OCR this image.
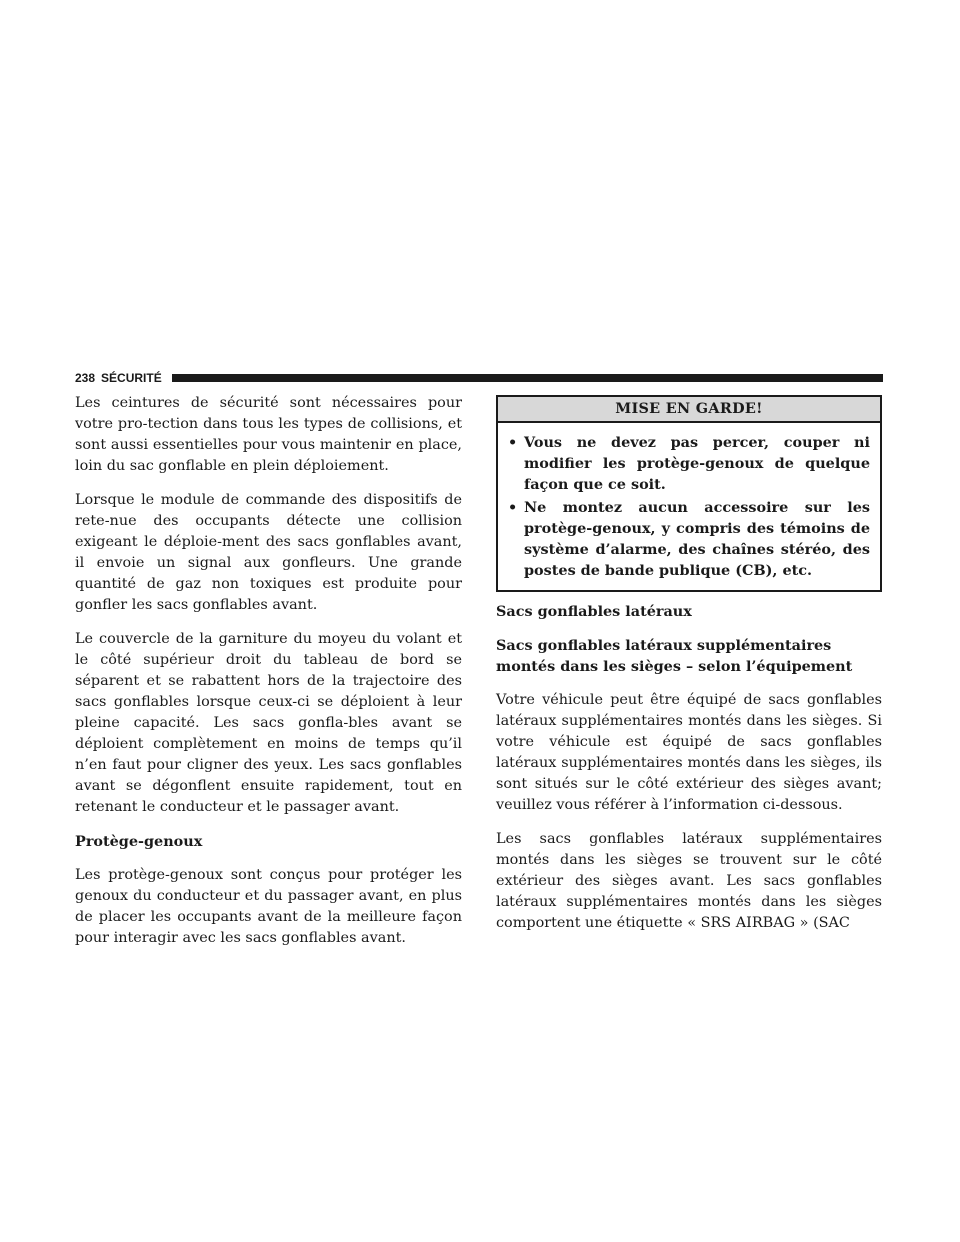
238 SÉCURITÉ

Les ceintures de sécurité sont nécessaires pour votre pro-tection dans tous les types de collisions, et sont aussi essentielles pour vous maintenir en place, loin du sac gonflable en plein déploiement.

Lorsque le module de commande des dispositifs de rete-nue des occupants détecte une collision exigeant le déploie-ment des sacs gonflables avant, il envoie un signal aux gonfleurs. Une grande quantité de gaz non toxiques est produite pour gonfler les sacs gonflables avant.

Le couvercle de la garniture du moyeu du volant et le côté supérieur droit du tableau de bord se séparent et se rabattent hors de la trajectoire des sacs gonflables lorsque ceux-ci se déploient à leur pleine capacité. Les sacs gonfla-bles avant se déploient complètement en moins de temps qu’il n’en faut pour cligner des yeux. Les sacs gonflables avant se dégonflent ensuite rapidement, tout en retenant le conducteur et le passager avant.

Protège-genoux

Les protège-genoux sont conçus pour protéger les genoux du conducteur et du passager avant, en plus de placer les occupants avant de la meilleure façon pour interagir avec les sacs gonflables avant.

MISE EN GARDE!
• Vous ne devez pas percer, couper ni modifier les protège-genoux de quelque façon que ce soit.
• Ne montez aucun accessoire sur les protège-genoux, y compris des témoins de système d’alarme, des chaînes stéréo, des postes de bande publique (CB), etc.
Sacs gonflables latéraux
Sacs gonflables latéraux supplémentaires montés dans les sièges – selon l’équipement

Votre véhicule peut être équipé de sacs gonflables latéraux supplémentaires montés dans les sièges. Si votre véhicule est équipé de sacs gonflables latéraux supplémentaires montés dans les sièges, ils sont situés sur le côté extérieur des sièges avant; veuillez vous référer à l’information ci-dessous.

Les sacs gonflables latéraux supplémentaires montés dans les sièges se trouvent sur le côté extérieur des sièges avant. Les sacs gonflables latéraux supplémentaires montés dans les sièges comportent une étiquette « SRS AIRBAG » (SAC
